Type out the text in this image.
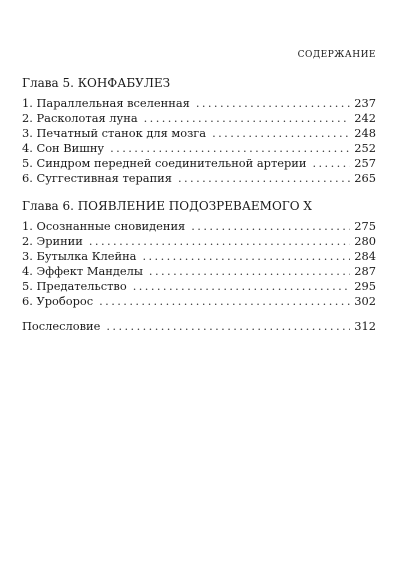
СОДЕРЖАНИЕ

Глава 5. КОНФАБУЛЕЗ

1. Параллельная вселенная . . .	237
2. Расколотая луна . . .	242
3. Печатный станок для мозга . . .	248
4. Сон Вишну . . .	252
5. Синдром передней соединительной артерии . . .	257
6. Суггестивная терапия . . .	265

Глава 6. ПОЯВЛЕНИЕ ПОДОЗРЕВАЕМОГО Х

1. Осознанные сновидения . . .	275
2. Эринии . . .	280
3. Бутылка Клейна . . .	284
4. Эффект Манделы . . .	287
5. Предательство . . .	295
6. Уроборос . . .	302
Послесловие . . .	312
